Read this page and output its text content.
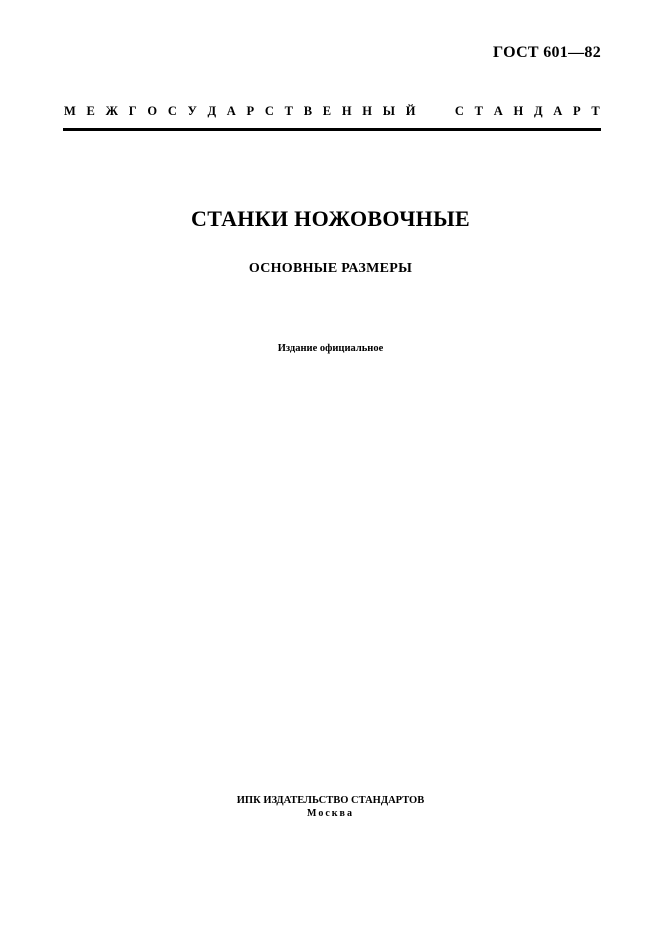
ГОСТ 601—82
М Е Ж Г О С У Д А Р С Т В Е Н Н Ы Й	С Т А Н Д А Р Т
СТАНКИ НОЖОВОЧНЫЕ
ОСНОВНЫЕ РАЗМЕРЫ
Издание официальное
ИПК ИЗДАТЕЛЬСТВО СТАНДАРТОВ
Москва
